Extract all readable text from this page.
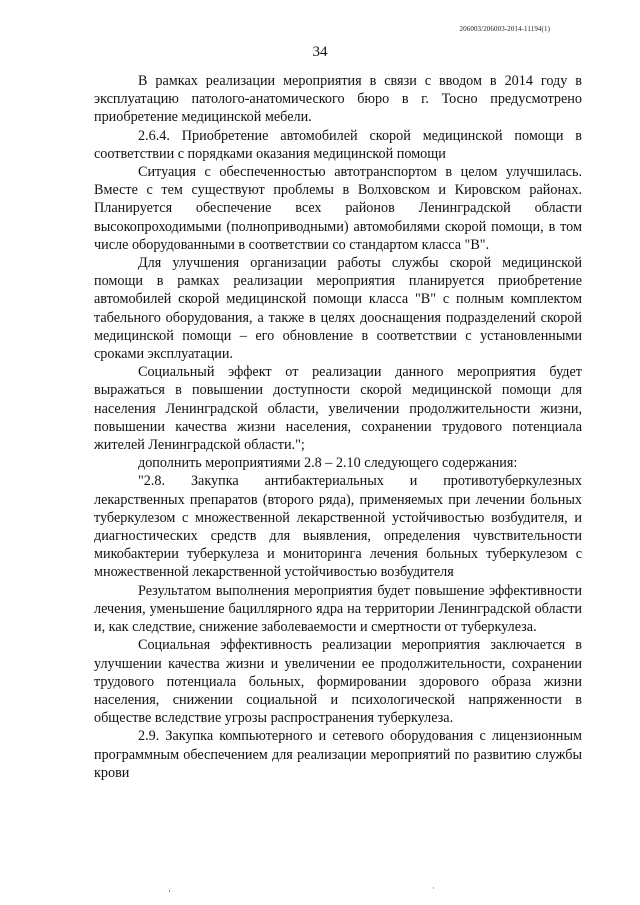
206003/206003-2014-11194(1)
34

В рамках реализации мероприятия в связи с вводом в 2014 году в эксплуатацию патолого-анатомического бюро в г. Тосно предусмотрено приобретение медицинской мебели.

2.6.4. Приобретение автомобилей скорой медицинской помощи в соответствии с порядками оказания медицинской помощи

Ситуация с обеспеченностью автотранспортом в целом улучшилась. Вместе с тем существуют проблемы в Волховском и Кировском районах. Планируется обеспечение всех районов Ленинградской области высокопроходимыми (полноприводными) автомобилями скорой помощи, в том числе оборудованными в соответствии со стандартом класса "В".

Для улучшения организации работы службы скорой медицинской помощи в рамках реализации мероприятия планируется приобретение автомобилей скорой медицинской помощи класса "В" с полным комплектом табельного оборудования, а также в целях дооснащения подразделений скорой медицинской помощи – его обновление в соответствии с установленными сроками эксплуатации.

Социальный эффект от реализации данного мероприятия будет выражаться в повышении доступности скорой медицинской помощи для населения Ленинградской области, увеличении продолжительности жизни, повышении качества жизни населения, сохранении трудового потенциала жителей Ленинградской области.";

дополнить мероприятиями 2.8 – 2.10 следующего содержания:

"2.8. Закупка антибактериальных и противотуберкулезных лекарственных препаратов (второго ряда), применяемых при лечении больных туберкулезом с множественной лекарственной устойчивостью возбудителя, и диагностических средств для выявления, определения чувствительности микобактерии туберкулеза и мониторинга лечения больных туберкулезом с множественной лекарственной устойчивостью возбудителя

Результатом выполнения мероприятия будет повышение эффективности лечения, уменьшение бациллярного ядра на территории Ленинградской области и, как следствие, снижение заболеваемости и смертности от туберкулеза.

Социальная эффективность реализации мероприятия заключается в улучшении качества жизни и увеличении ее продолжительности, сохранении трудового потенциала больных, формировании здорового образа жизни населения, снижении социальной и психологической напряженности в обществе вследствие угрозы распространения туберкулеза.

2.9. Закупка компьютерного и сетевого оборудования с лицензионным программным обеспечением для реализации мероприятий по развитию службы крови

‚	·
